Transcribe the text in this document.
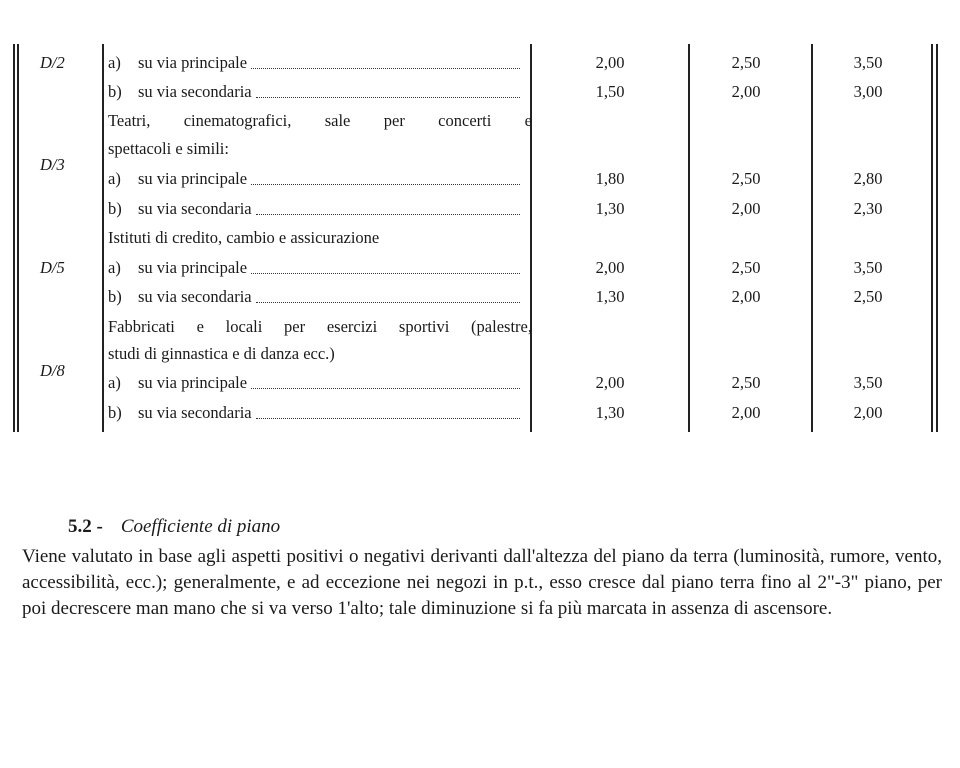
D/2	a)	su via principale	2,00	2,50	3,50
b) su via secondaria	1,50	2,00	3,00
Teatri, cinematografici, sale per concerti e
spettacoli e simili:
D/3
a)	su via principale	1,80	2,50	2,80
b) su via secondaria	1,30	2,00	2,30
Istituti di credito, cambio e assicurazione
D/5	a)	su via principale	2,00	2,50	3,50
b) su via secondaria	1,30	2,00	2,50
Fabbricati e locali per esercizi sportivi (palestre,
studi di ginnastica e di danza ecc.)
D/8
a)	su via principale	2,00	2,50	3,50
b) su via secondaria	1,30	2,00	2,00
5.2 - Coefficiente di piano
Viene valutato in base agli aspetti positivi o negativi derivanti dall'altezza del piano da terra (luminosità, rumore, vento, accessibilità, ecc.); generalmente, e ad eccezione nei negozi in p.t., esso cresce dal piano terra fino al 2"-3" piano, per poi decrescere man mano che si va verso 1'alto; tale diminuzione si fa più marcata in assenza di ascensore.
